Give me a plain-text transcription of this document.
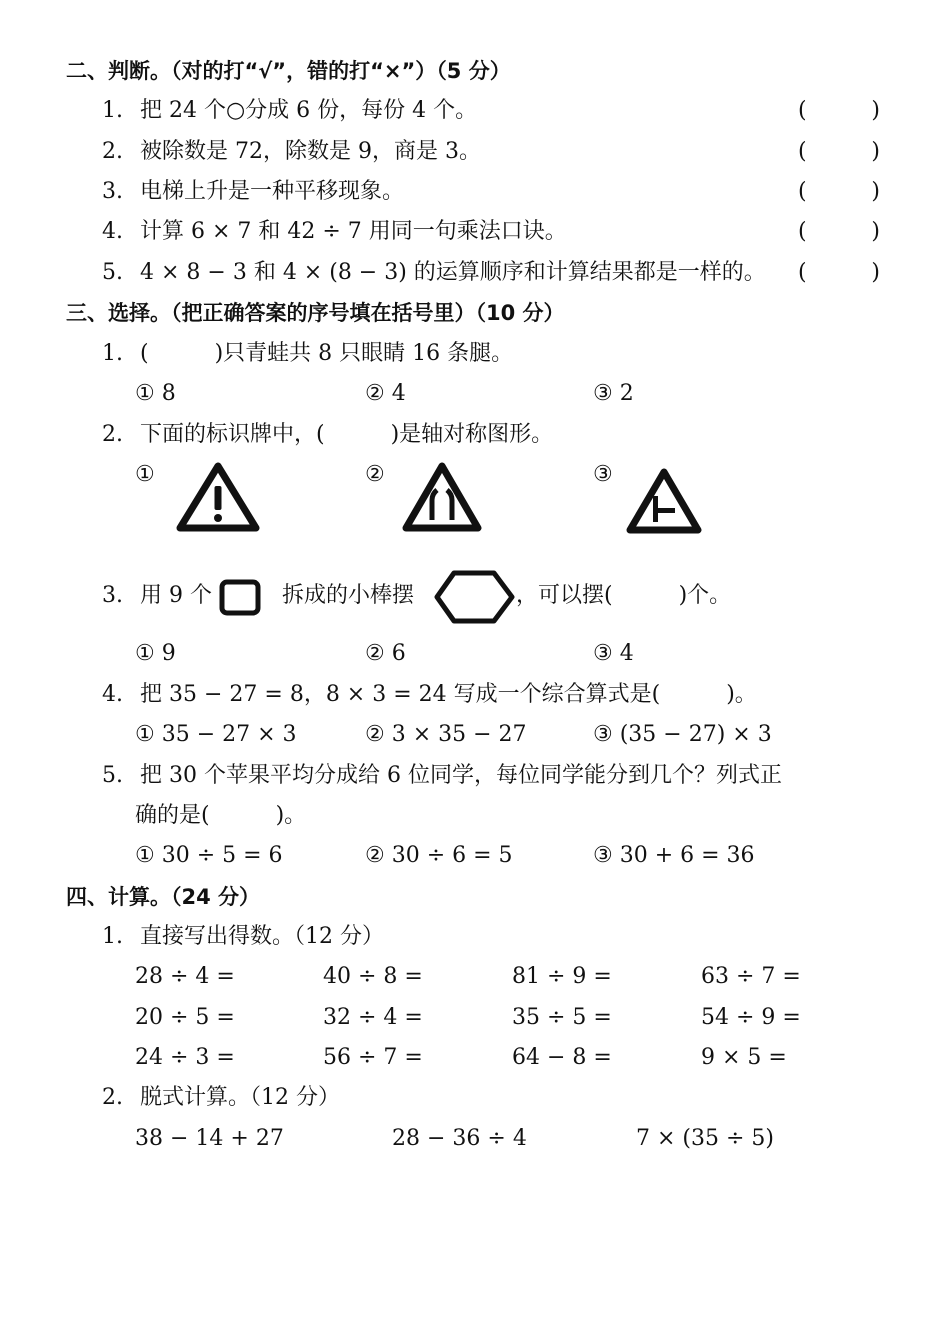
二、判断。（对的打“√”，错的打“×”）（5 分）
1. 把 24 个○分成 6 份，每份 4 个。	(	)
2. 被除数是 72，除数是 9，商是 3。	(	)
3. 电梯上升是一种平移现象。	(	)
4. 计算 6 × 7 和 42 ÷ 7 用同一句乘法口诀。	(	)
5. 4 × 8 − 3 和 4 × (8 − 3) 的运算顺序和计算结果都是一样的。 (	)
三、选择。（把正确答案的序号填在括号里）（10 分）
1. (　　　)只青蛙共 8 只眼睛 16 条腿。
① 8	② 4	③ 2
2. 下面的标识牌中，(　　　)是轴对称图形。
①	②	③
3. 用 9 个	拆成的小棒摆	，可以摆(　　　)个。
① 9	② 6	③ 4
4. 把 35 − 27 = 8，8 × 3 = 24 写成一个综合算式是(　　　)。
① 35 − 27 × 3	② 3 × 35 − 27	③ (35 − 27) × 3
5. 把 30 个苹果平均分成给 6 位同学，每位同学能分到几个？列式正
确的是(　　　)。
① 30 ÷ 5 = 6	② 30 ÷ 6 = 5	③ 30 + 6 = 36
四、计算。（24 分）
1. 直接写出得数。（12 分）
28 ÷ 4 =	40 ÷ 8 =	81 ÷ 9 =	63 ÷ 7 =
20 ÷ 5 =	32 ÷ 4 =	35 ÷ 5 =	54 ÷ 9 =
24 ÷ 3 =	56 ÷ 7 =	64 − 8 =	9 × 5 =
2. 脱式计算。（12 分）
38 − 14 + 27	28 − 36 ÷ 4	7 × (35 ÷ 5)
